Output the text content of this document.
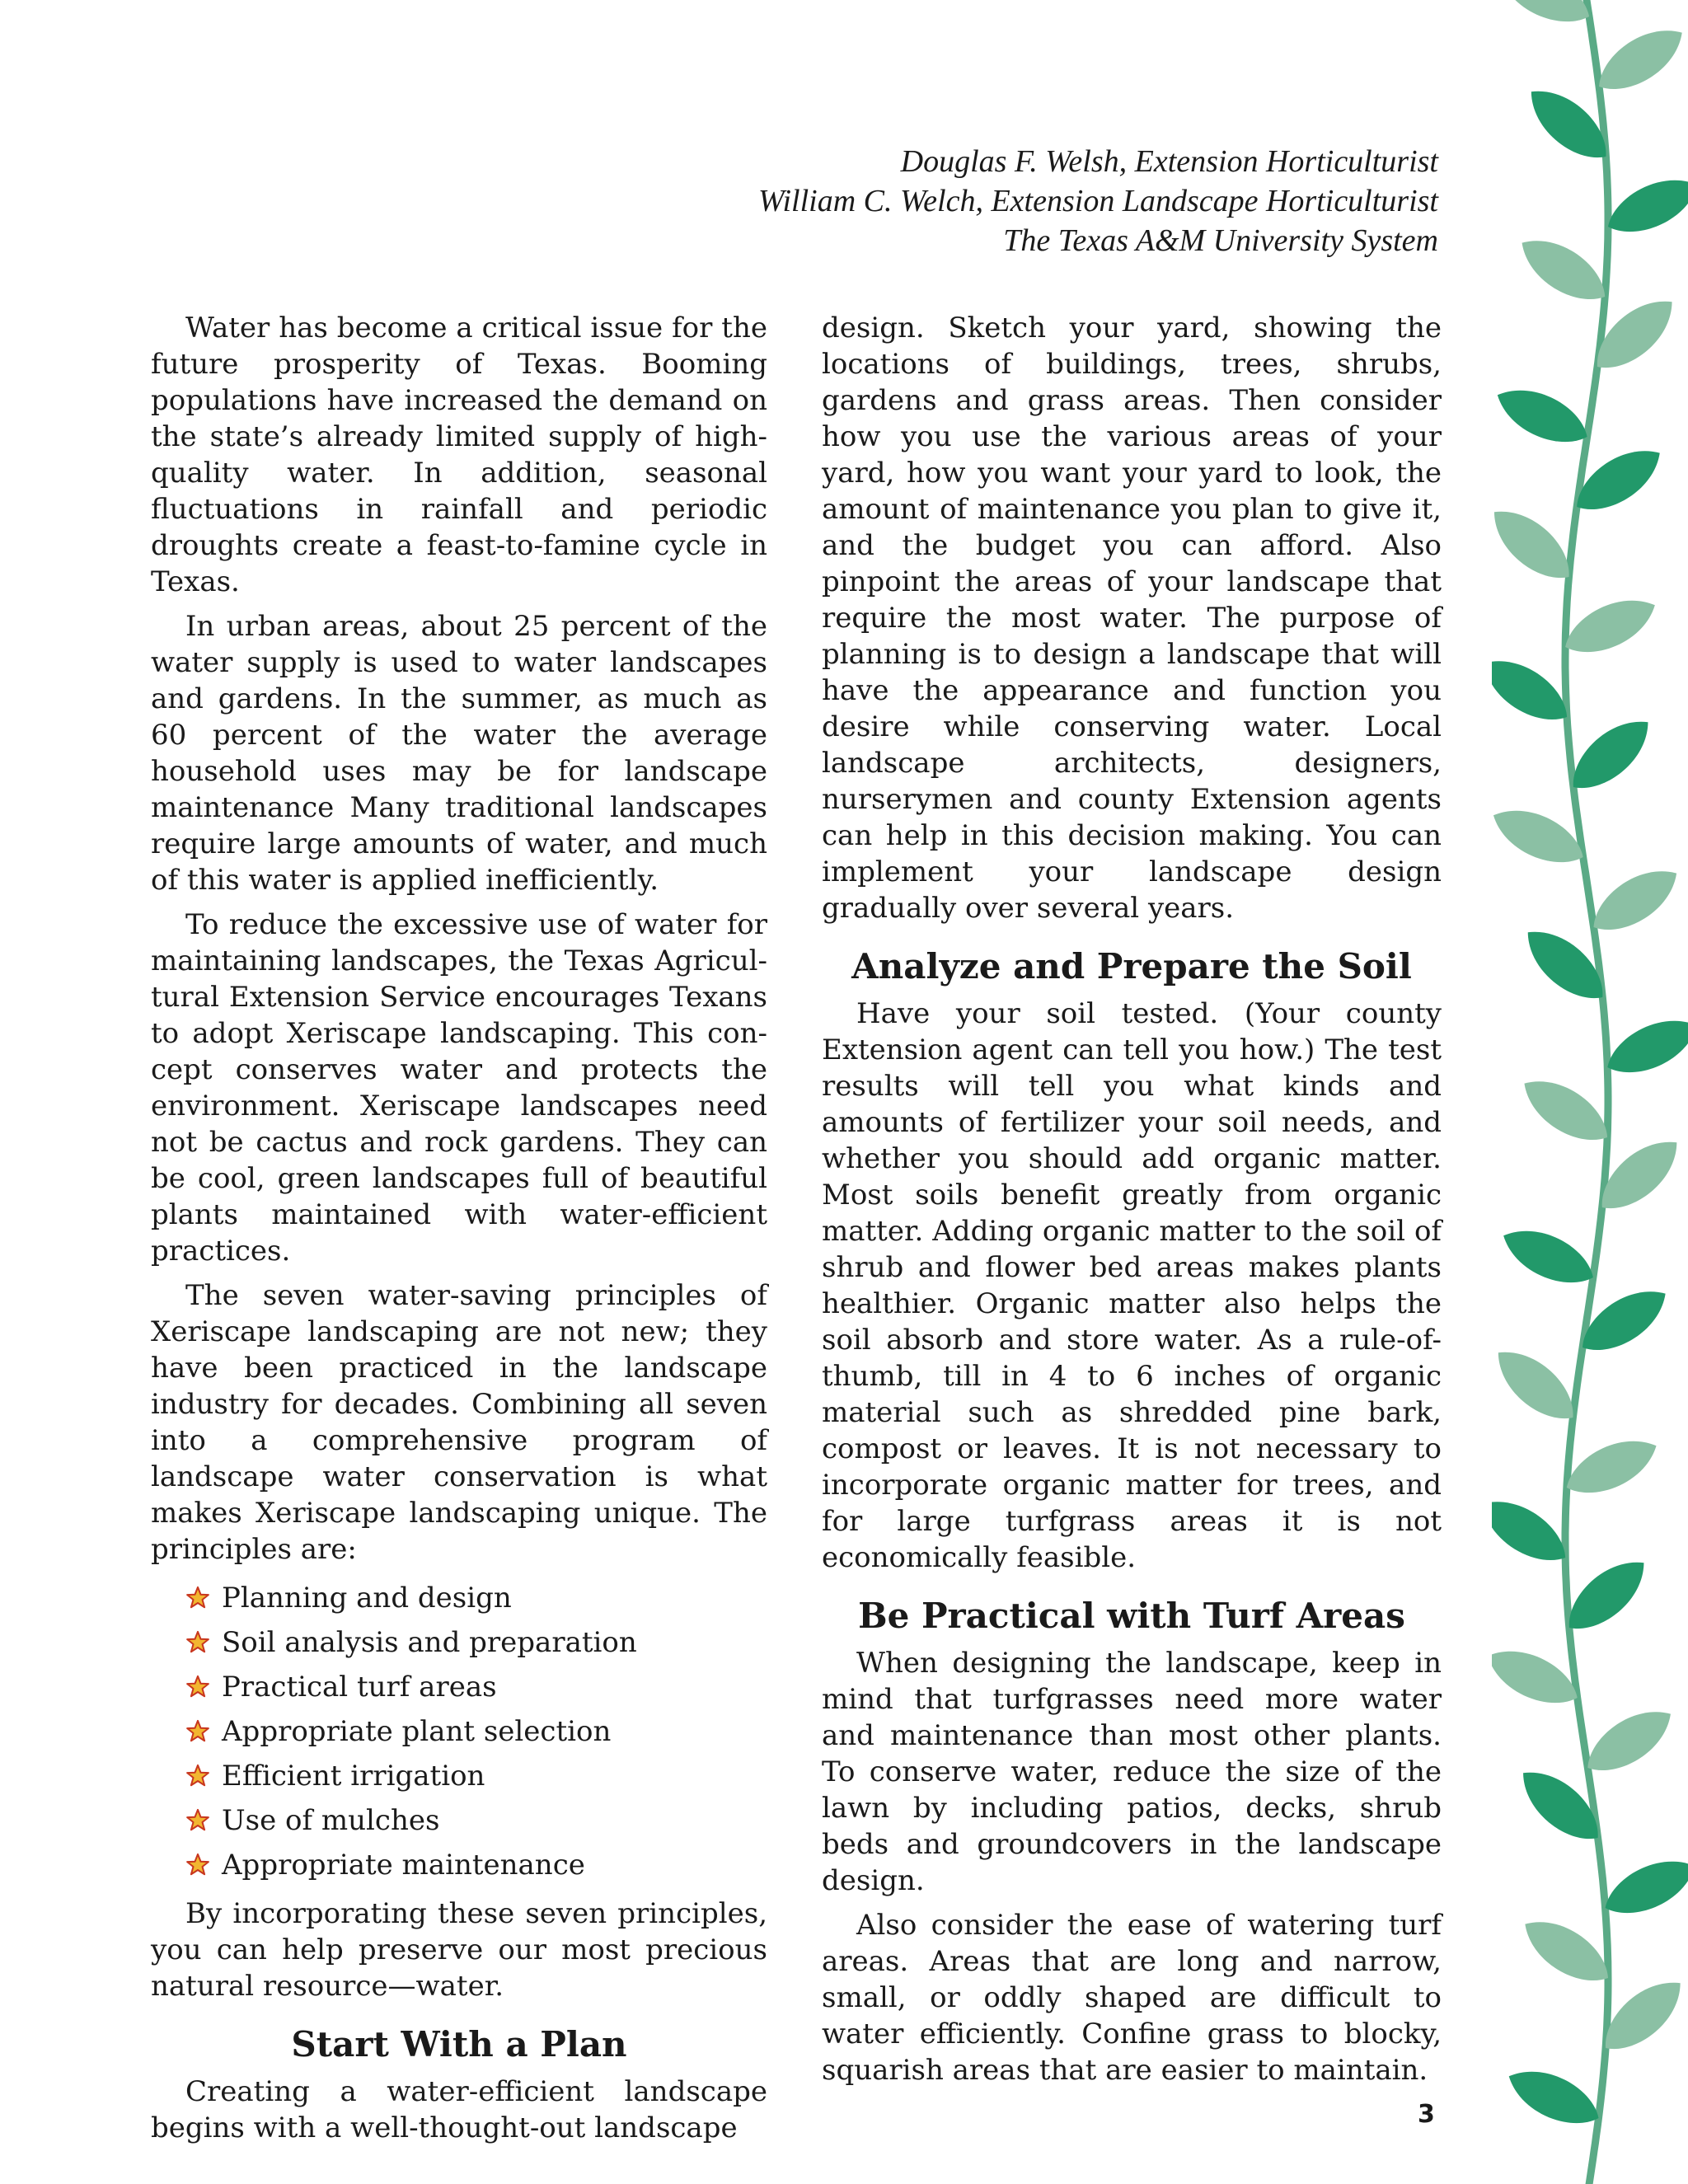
Douglas F. Welsh, Extension Horticulturist
William C. Welch, Extension Landscape Horticulturist
The Texas A&M University System

Water has become a critical issue for the future prosperity of Texas. Booming populations have increased the demand on the state’s already limited supply of high-quality water. In addition, seasonal fluctuations in rainfall and periodic droughts create a feast-to-famine cycle in Texas.

In urban areas, about 25 percent of the water supply is used to water landscapes and gardens. In the summer, as much as 60 percent of the water the average household uses may be for landscape maintenance Many traditional landscapes require large amounts of water, and much of this water is applied inefficiently.

To reduce the excessive use of water for maintaining landscapes, the Texas Agricultural Extension Service encourages Texans to adopt Xeriscape landscaping. This concept conserves water and protects the environment. Xeriscape landscapes need not be cactus and rock gardens. They can be cool, green landscapes full of beautiful plants maintained with water-efficient practices.

The seven water-saving principles of Xeriscape landscaping are not new; they have been practiced in the landscape industry for decades. Combining all seven into a comprehensive program of landscape water conservation is what makes Xeriscape landscaping unique. The principles are:

Planning and design
Soil analysis and preparation
Practical turf areas
Appropriate plant selection
Efficient irrigation
Use of mulches
Appropriate maintenance

By incorporating these seven principles, you can help preserve our most precious natural resource—water.

Start With a Plan

Creating a water-efficient landscape begins with a well-thought-out landscape

design. Sketch your yard, showing the locations of buildings, trees, shrubs, gardens and grass areas. Then consider how you use the various areas of your yard, how you want your yard to look, the amount of maintenance you plan to give it, and the budget you can afford. Also pinpoint the areas of your landscape that require the most water. The purpose of planning is to design a landscape that will have the appearance and function you desire while conserving water. Local landscape architects, designers, nurserymen and county Extension agents can help in this decision making. You can implement your landscape design gradually over several years.

Analyze and Prepare the Soil

Have your soil tested. (Your county Extension agent can tell you how.) The test results will tell you what kinds and amounts of fertilizer your soil needs, and whether you should add organic matter. Most soils benefit greatly from organic matter. Adding organic matter to the soil of shrub and flower bed areas makes plants healthier. Organic matter also helps the soil absorb and store water. As a rule-of-thumb, till in 4 to 6 inches of organic material such as shredded pine bark, compost or leaves. It is not necessary to incorporate organic matter for trees, and for large turfgrass areas it is not economically feasible.

Be Practical with Turf Areas

When designing the landscape, keep in mind that turfgrasses need more water and maintenance than most other plants. To conserve water, reduce the size of the lawn by including patios, decks, shrub beds and groundcovers in the landscape design.

Also consider the ease of watering turf areas. Areas that are long and narrow, small, or oddly shaped are difficult to water efficiently. Confine grass to blocky, squarish areas that are easier to maintain.

3
